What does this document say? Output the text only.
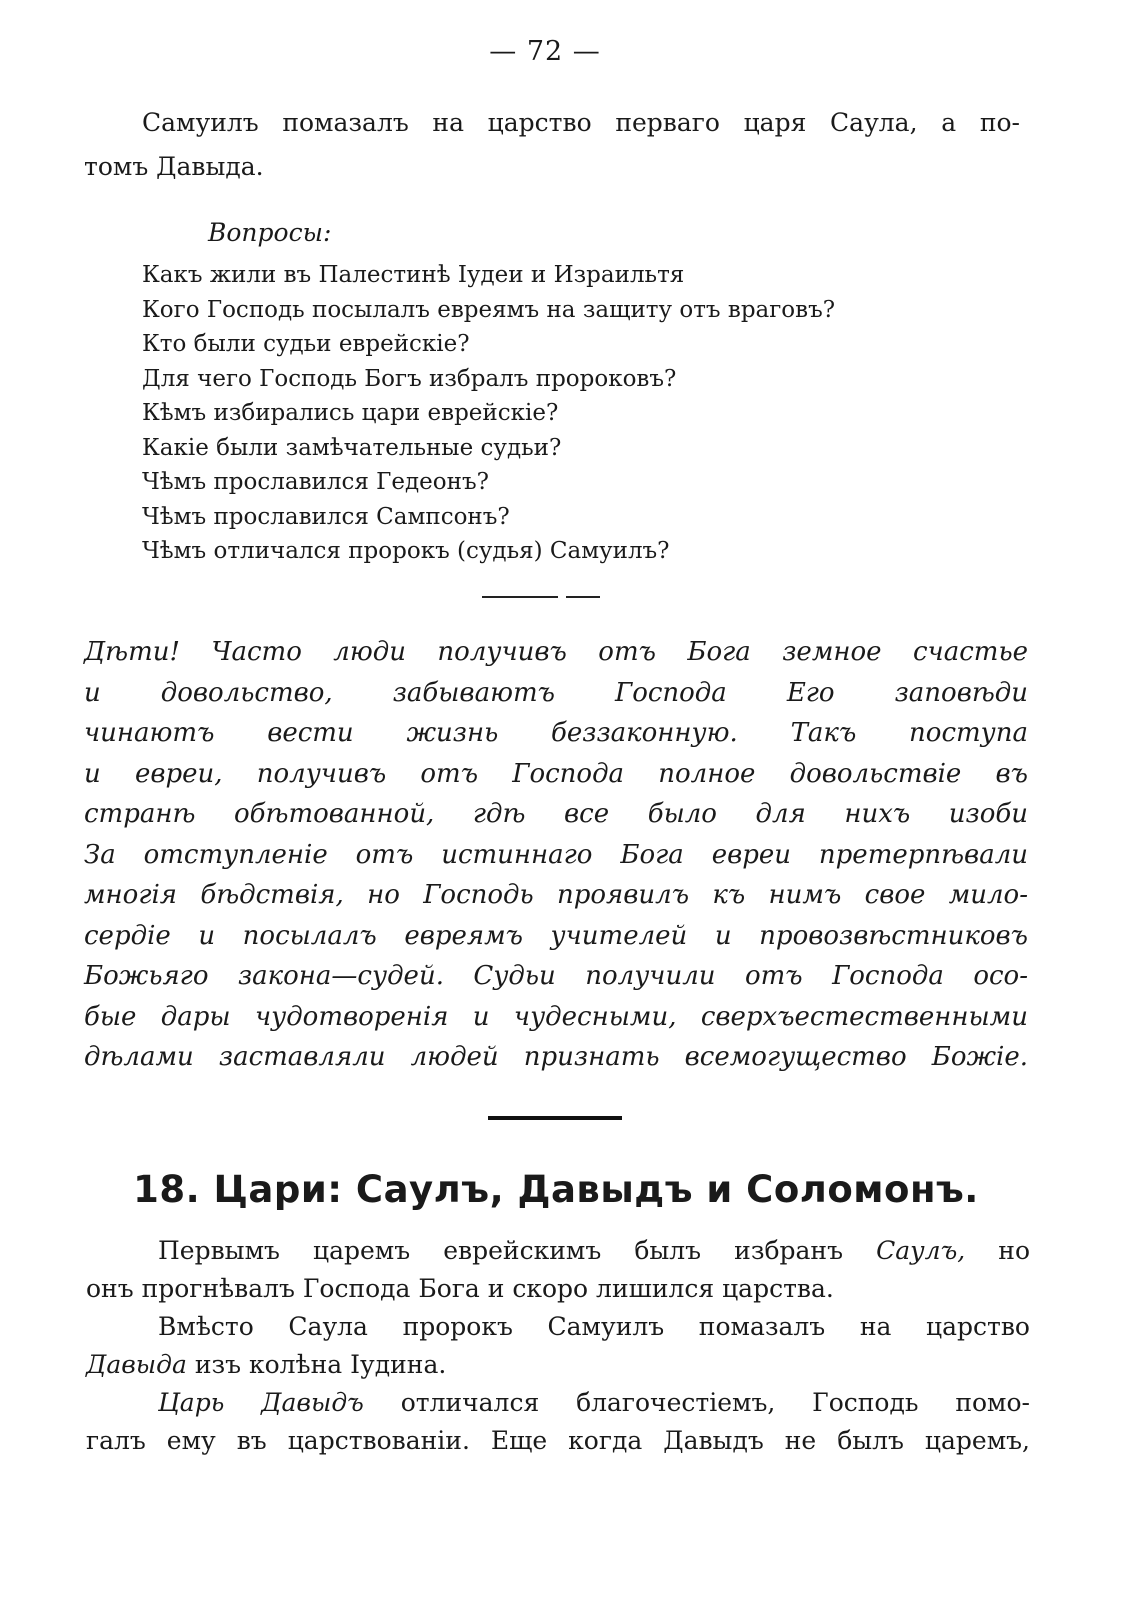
— 72 —
Самуилъ помазалъ на царство перваго царя Саула, а по-
томъ Давыда.
Вопросы:
Какъ жили въ Палестинѣ Іудеи и Израильтя
Кого Господь посылалъ евреямъ на защиту отъ враговъ?
Кто были судьи еврейскіе?
Для чего Господь Богъ избралъ пророковъ?
Кѣмъ избирались цари еврейскіе?
Какіе были замѣчательные судьи?
Чѣмъ прославился Гедеонъ?
Чѣмъ прославился Сампсонъ?
Чѣмъ отличался пророкъ (судья) Самуилъ?
Дѣти! Часто люди получивъ отъ Бога земное счастье
и довольство, забываютъ Господа Его заповѣди
чинаютъ вести жизнь беззаконную. Такъ поступа
и евреи, получивъ отъ Господа полное довольствіе въ
странѣ обѣтованной, гдѣ все было для нихъ изоби
За отступленіе отъ истиннаго Бога евреи претерпѣвали
многія бѣдствія, но Господь проявилъ къ нимъ свое мило-
сердіе и посылалъ евреямъ учителей и провозвѣстниковъ
Божьяго закона—судей. Судьи получили отъ Господа осо-
бые дары чудотворенія и чудесными, сверхъестественными
дѣлами заставляли людей признать всемогущество Божіе.
18. Цари: Саулъ, Давыдъ и Соломонъ.
Первымъ царемъ еврейскимъ былъ избранъ Саулъ, но
онъ прогнѣвалъ Господа Бога и скоро лишился царства.
Вмѣсто Саула пророкъ Самуилъ помазалъ на царство
Давыда изъ колѣна Іудина.
Царь Давыдъ отличался благочестіемъ, Господь помо-
галъ ему въ царствованіи. Еще когда Давыдъ не былъ царемъ,
